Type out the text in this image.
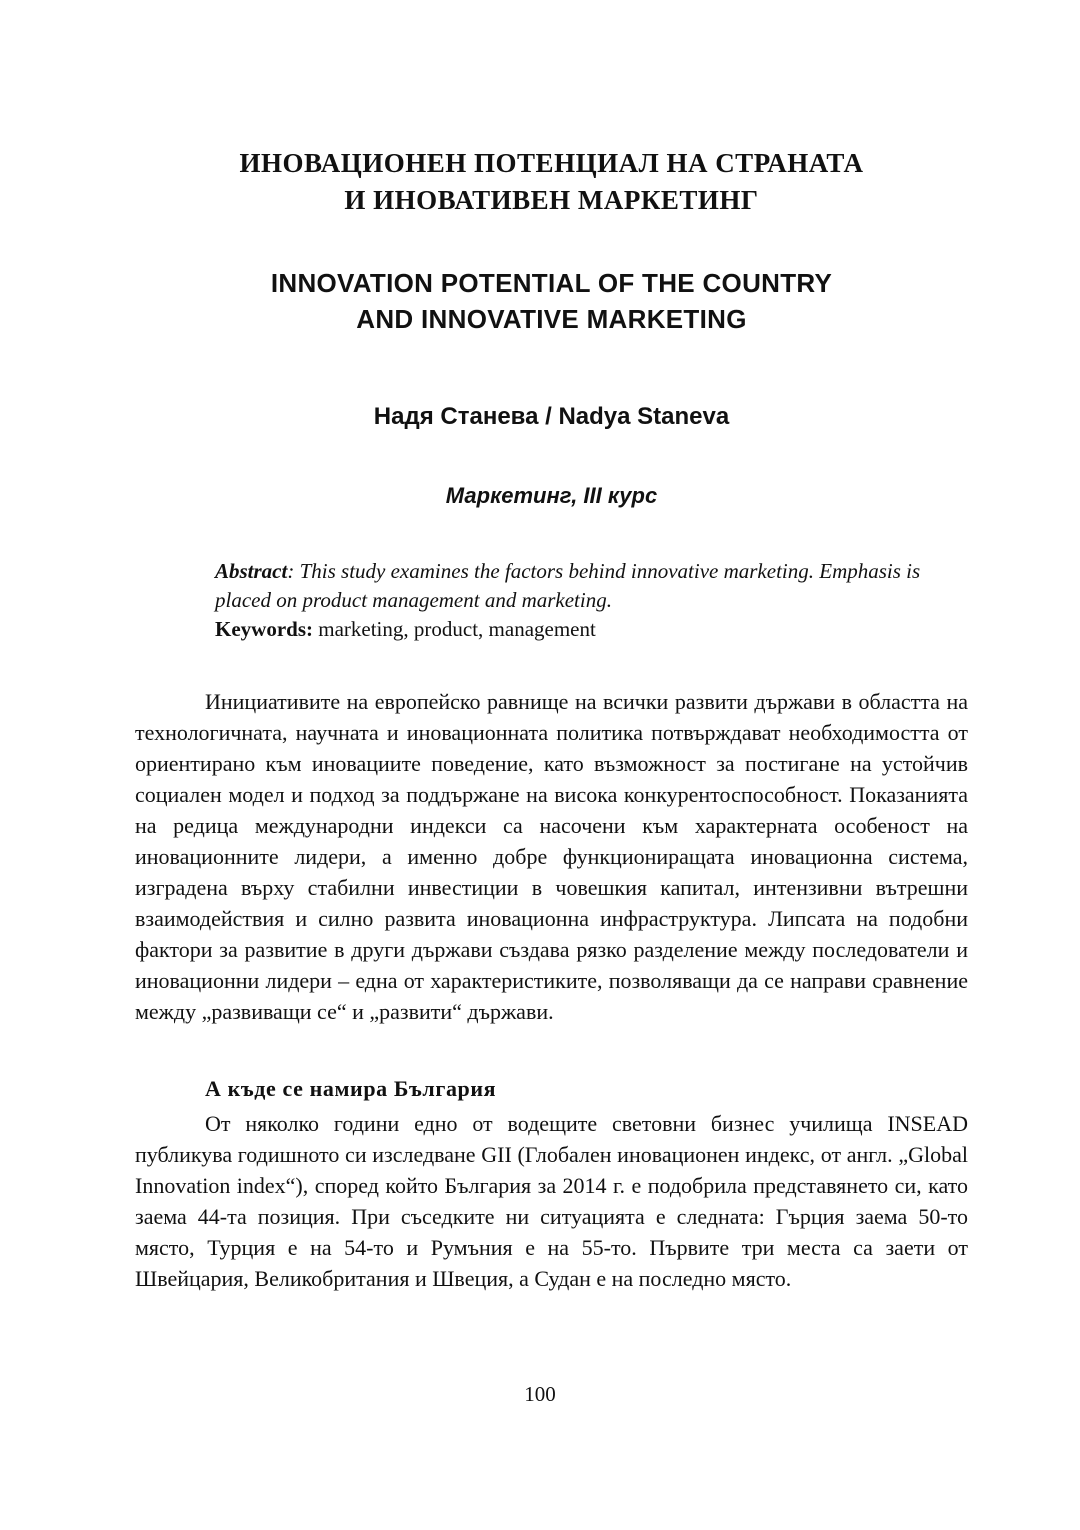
ИНОВАЦИОНЕН ПОТЕНЦИАЛ НА СТРАНАТА
И ИНОВАТИВЕН МАРКЕТИНГ
INNOVATION POTENTIAL OF THE COUNTRY
AND INNOVATIVE MARKETING
Надя Станева / Nadya Staneva
Маркетинг, III курс
Abstract: This study examines the factors behind innovative marketing. Emphasis is placed on product management and marketing.
Keywords: marketing, product, management

Инициативите на европейско равнище на всички развити държави в областта на технологичната, научната и иновационната политика потвърждават необходимостта от ориентирано към иновациите поведение, като възможност за постигане на устойчив социален модел и подход за поддържане на висока конкурентоспособност. Показанията на редица международни индекси са насочени към характерната особеност на иновационните лидери, а именно добре функциониращата иновационна система, изградена върху стабилни инвестиции в човешкия капитал, интензивни вътрешни взаимодействия и силно развита иновационна инфраструктура. Липсата на подобни фактори за развитие в други държави създава рязко разделение между последователи и иновационни лидери – една от характеристиките, позволяващи да се направи сравнение между „развиващи се“ и „развити“ държави.

А къде се намира България

От няколко години едно от водещите световни бизнес училища INSEAD публикува годишното си изследване GII (Глобален иновационен индекс, от англ. „Global Innovation index“), според който България за 2014 г. е подобрила представянето си, като заема 44-та позиция. При съседките ни ситуацията е следната: Гърция заема 50-то място, Турция е на 54-то и Румъния е на 55-то. Първите три места са заети от Швейцария, Великобритания и Швеция, а Судан е на последно място.

100
